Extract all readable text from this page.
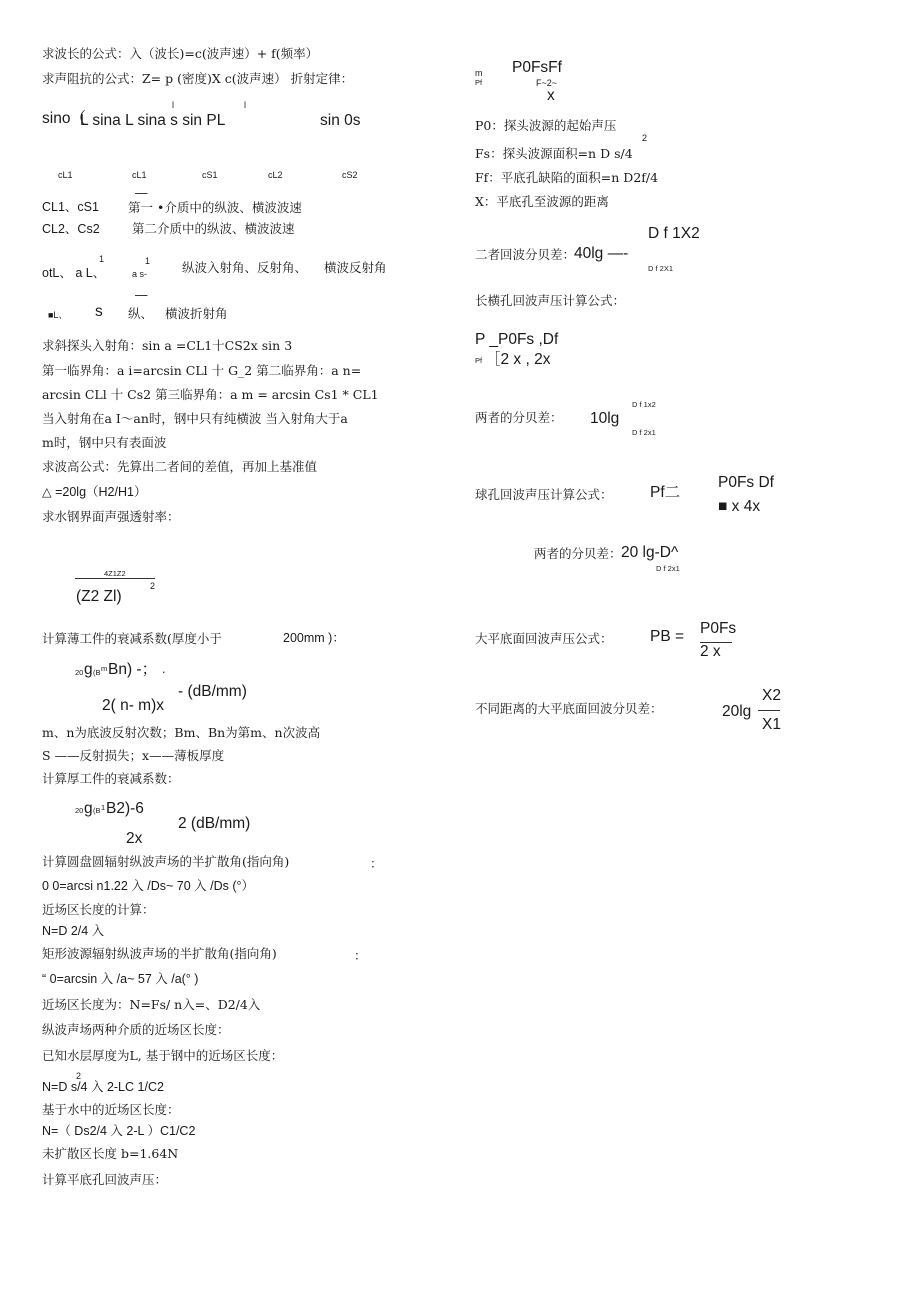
求波长的公式：入（波长)=c(波声速）+ f(频率）
求声阻抗的公式：Z= p (密度)X c(波声速） 折射定律：
l	l
sino（
L sina L sina s sin PL	sin 0s
cL1	cL1	cS1	cL2	cS2
—
CL1、cS1 第一 •介质中的纵波、横波波速
CL2、Cs2	第二介质中的纵波、横波波速
1	1
otL、 a L、	a s-	纵波入射角、反射角、 横波反射角
—
■L、 s 纵、 横波折射角
求斜探头入射角：sin a =CL1十CS2x sin 3
第一临界角：a i=arcsin CLl 十 G_2 第二临界角：a n=
arcsin CLl 十 Cs2 第三临界角：a m = arcsin Cs1 * CL1
当入射角在a I～an时，钢中只有纯横波 当入射角大于a
m时，钢中只有表面波
求波高公式：先算出二者间的差值，再加上基准值
△ =20lg（H2/H1）
求水钢界面声强透射率：
4Z1Z2
2
(Z2 Zl)
计算薄工件的衰减系数(厚度小于	200mm )：
20 g (B m Bn) -； .
2( n- m)x
- (dB/mm)
m、n为底波反射次数；Bm、Bn为第m、n次波高
S ——反射损失；x——薄板厚度
计算厚工件的衰减系数：
20 g (B 1 B2)-6
2x
2 (dB/mm)
计算圆盘圆辐射纵波声场的半扩散角(指向角)	：
0 0=arcsi n1.22 入 /Ds~ 70 入 /Ds (°）
近场区长度的计算：
N=D 2/4 入
矩形波源辐射纵波声场的半扩散角(指向角)	：
“ 0=arcsin 入 /a~ 57 入 /a(° )
近场区长度为：N=Fs/ n入=、D2/4入
纵波声场两种介质的近场区长度：
已知水层厚度为L, 基于钢中的近场区长度：
2
N=D s/4 入 2-LC 1/C2
基于水中的近场区长度：
N=（ Ds2/4 入 2-L ）C1/C2
未扩散区长度 b=1.64N
计算平底孔回波声压：
m
Pf
P0FsFf
F~2~
x
P0：探头波源的起始声压
2
Fs：探头波源面积=n D s/4
Ff：平底孔缺陷的面积=n D2f/4
X：平底孔至波源的距离
D f 1X2
二者回波分贝差：
40lg —-
D f 2X1
长横孔回波声压计算公式：
P _P0Fs ,Df
Pf ［2 x , 2x
D f 1x2
两者的分贝差： 10lg
D f 2x1
P0Fs Df
球孔回波声压计算公式： Pf二
■ x 4x
两者的分贝差： 20 lg-D^
D f 2x1
大平底面回波声压公式： PB = P0Fs
2 x
不同距离的大平底面回波分贝差：
X2
20lg
X1
